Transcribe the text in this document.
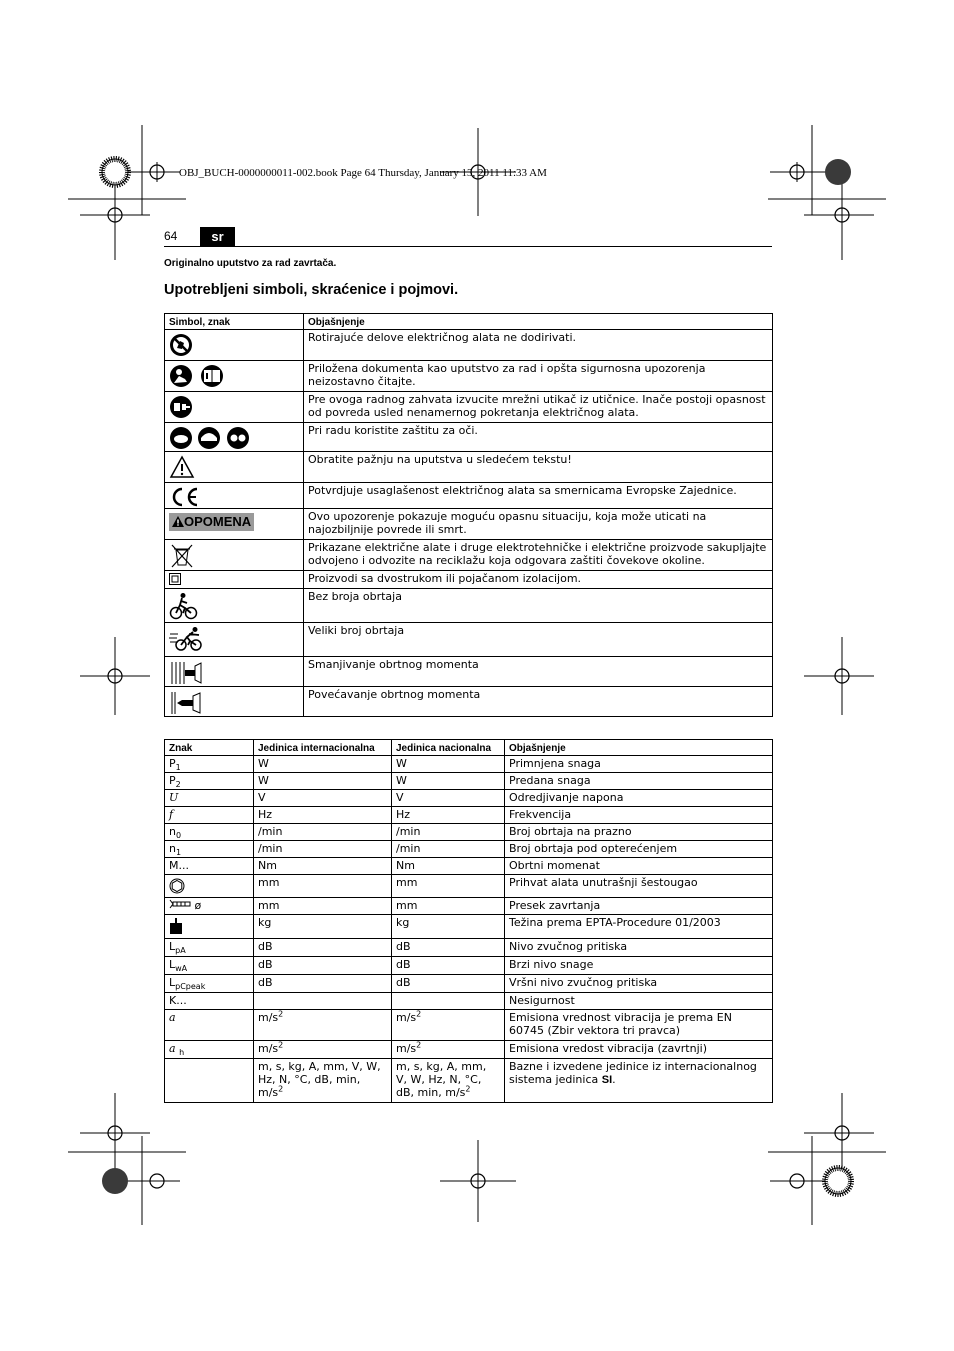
OBJ_BUCH-0000000011-002.book Page 64 Thursday, January 13, 2011 11:33 AM
64	sr
Originalno uputstvo za rad zavrtača.
Upotrebljeni simboli, skraćenice i pojmovi.
Simbol, znak	Objašnjenje
	Rotirajuće delove električnog alata ne dodirivati.
	Priložena dokumenta kao uputstvo za rad i opšta sigurnosna upozorenja neizostavno čitajte.
	Pre ovoga radnog zahvata izvucite mrežni utikač iz utičnice. Inače postoji opasnost od povreda usled nenamernog pokretanja električnog alata.
	Pri radu koristite zaštitu za oči.
	Obratite pažnju na uputstva u sledećem tekstu!
	Potvrdjuje usaglašenost električnog alata sa smernicama Evropske Zajednice.
OPOMENA	Ovo upozorenje pokazuje moguću opasnu situaciju, koja može uticati na najozbiljnije povrede ili smrt.
	Prikazane električne alate i druge elektrotehničke i električne proizvode sakupljajte odvojeno i odvozite na reciklažu koja odgovara zaštiti čovekove okoline.
	Proizvodi sa dvostrukom ili pojačanom izolacijom.
	Bez broja obrtaja
	Veliki broj obrtaja
	Smanjivanje obrtnog momenta
	Povećavanje obrtnog momenta
Znak	Jedinica internacionalna	Jedinica nacionalna	Objašnjenje
$P_1$	W	W	Primnjena snaga
$P_2$	W	W	Predana snaga
U	V	V	Odredjivanje napona
f	Hz	Hz	Frekvencija
$n_0$	/min	/min	Broj obrtaja na prazno
$n_1$	/min	/min	Broj obrtaja pod opterećenjem
M...	Nm	Nm	Obrtni momenat
	mm	mm	Prihvat alata unutrašnji šestougao
ø	mm	mm	Presek zavrtanja
	kg	kg	Težina prema EPTA-Procedure 01/2003
$L_{pA}$	dB	dB	Nivo zvučnog pritiska
$L_{wA}$	dB	dB	Brzi nivo snage
$L_{pCpeak}$	dB	dB	Vršni nivo zvučnog pritiska
K...			Nesigurnost
a	$m/s^2$	$m/s^2$	Emisiona vrednost vibracija je prema EN 60745 (Zbir vektora tri pravca)
a $_h$	$m/s^2$	$m/s^2$	Emisiona vredost vibracija (zavrtnji)
	m, s, kg, A, mm, V, W, Hz, N, °C, dB, min, $m/s^2$	m, s, kg, A, mm, V, W, Hz, N, °C, dB, min, $m/s^2$	Bazne i izvedene jedinice iz internacionalnog sistema jedinica SI.
